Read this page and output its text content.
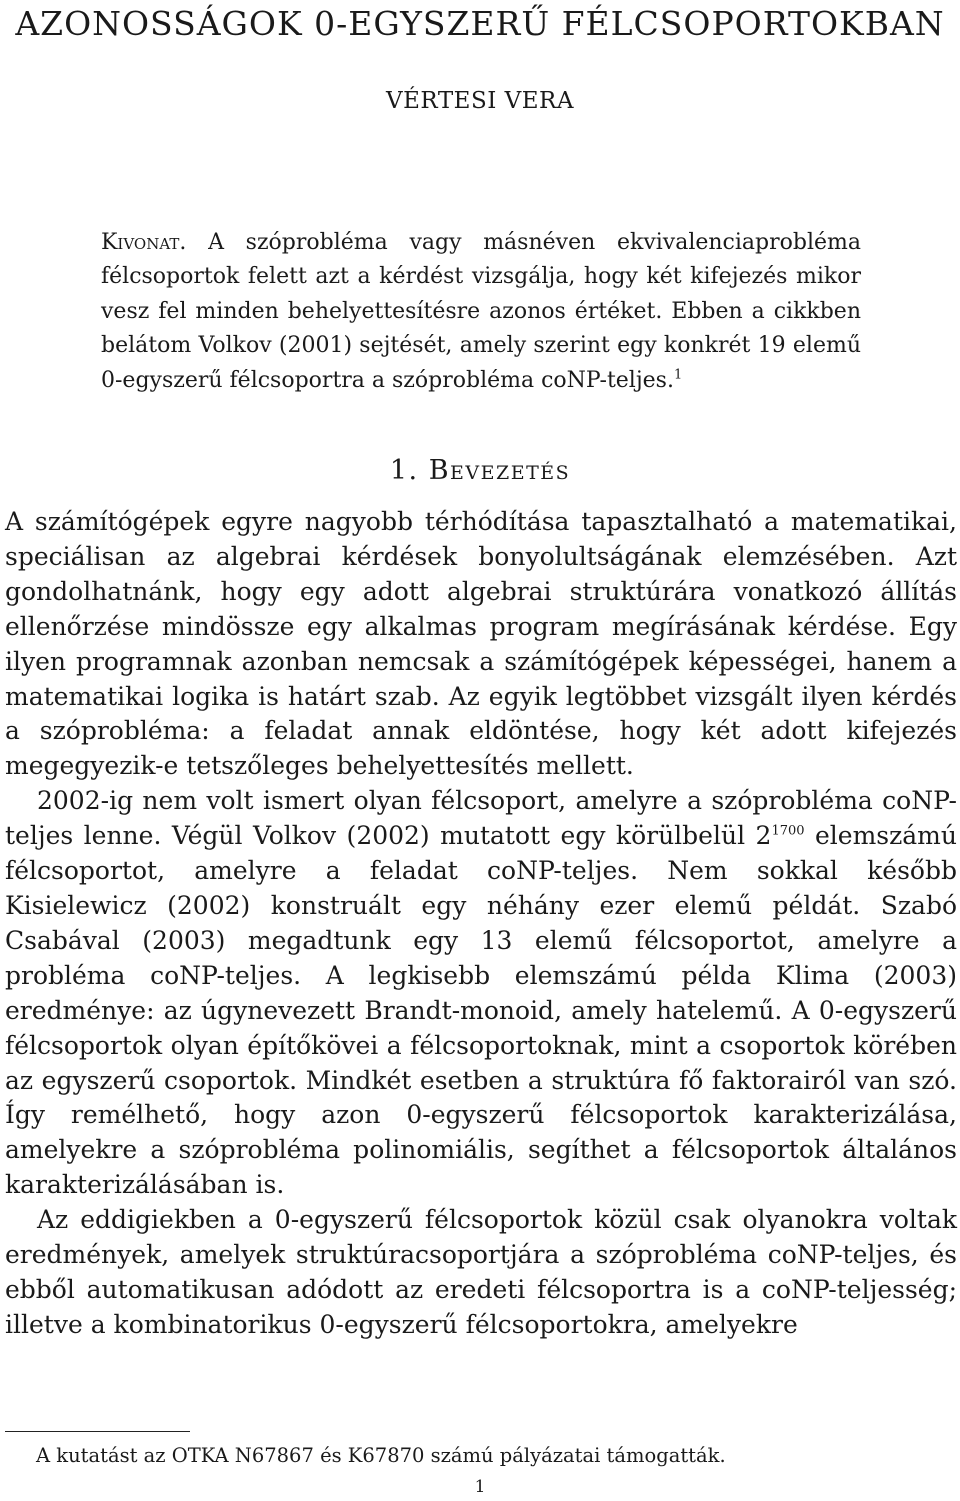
AZONOSSÁGOK 0-EGYSZERŰ FÉLCSOPORTOKBAN
VÉRTESI VERA
Kivonat. A szóprobléma vagy másnéven ekvivalenciaprobléma félcsoportok felett azt a kérdést vizsgálja, hogy két kifejezés mikor vesz fel minden behelyettesítésre azonos értéket. Ebben a cikkben belátom Volkov (2001) sejtését, amely szerint egy konkrét 19 elemű 0-egyszerű félcsoportra a szóprobléma coNP-teljes.$^1$
1. Bevezetés

A számítógépek egyre nagyobb térhódítása tapasztalható a matematikai, speciálisan az algebrai kérdések bonyolultságának elemzésében. Azt gondolhatnánk, hogy egy adott algebrai struktúrára vonatkozó állítás ellenőrzése mindössze egy alkalmas program megírásának kérdése. Egy ilyen programnak azonban nemcsak a számítógépek képességei, hanem a matematikai logika is határt szab. Az egyik legtöbbet vizsgált ilyen kérdés a szóprobléma: a feladat annak eldöntése, hogy két adott kifejezés megegyezik-e tetszőleges behelyettesítés mellett.

2002-ig nem volt ismert olyan félcsoport, amelyre a szóprobléma coNP-teljes lenne. Végül Volkov (2002) mutatott egy körülbelül $2^{1700}$ elemszámú félcsoportot, amelyre a feladat coNP-teljes. Nem sokkal később Kisielewicz (2002) konstruált egy néhány ezer elemű példát. Szabó Csabával (2003) megadtunk egy 13 elemű félcsoportot, amelyre a probléma coNP-teljes. A legkisebb elemszámú példa Klima (2003) eredménye: az úgynevezett Brandt-monoid, amely hatelemű. A 0-egyszerű félcsoportok olyan építőkövei a félcsoportoknak, mint a csoportok körében az egyszerű csoportok. Mindkét esetben a struktúra fő faktorairól van szó. Így remélhető, hogy azon 0-egyszerű félcsoportok karakterizálása, amelyekre a szóprobléma polinomiális, segíthet a félcsoportok általános karakterizálásában is.

Az eddigiekben a 0-egyszerű félcsoportok közül csak olyanokra voltak eredmények, amelyek struktúracsoportjára a szóprobléma coNP-teljes, és ebből automatikusan adódott az eredeti félcsoportra is a coNP-teljesség; illetve a kombinatorikus 0-egyszerű félcsoportokra, amelyekre

A kutatást az OTKA N67867 és K67870 számú pályázatai támogatták.
1
